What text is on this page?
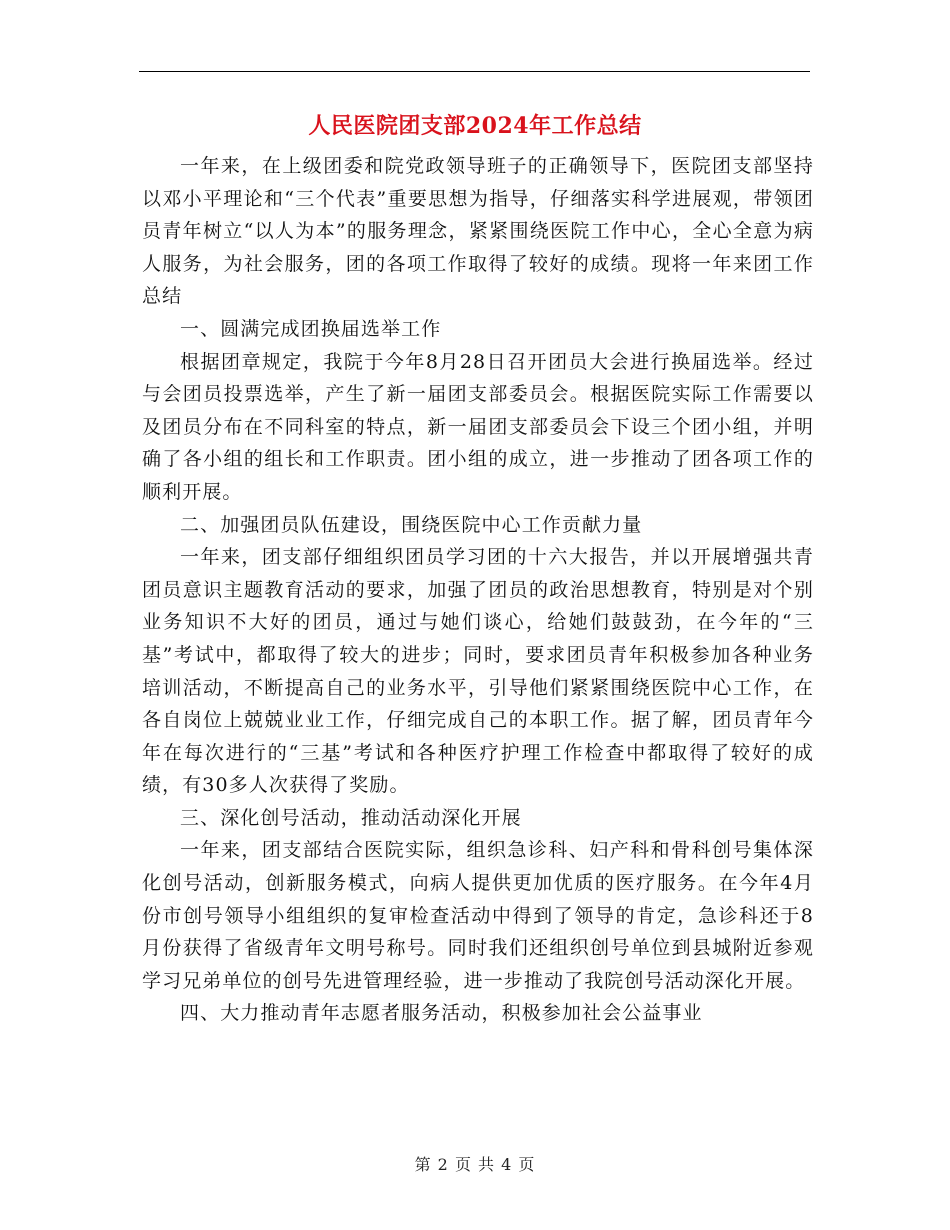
人民医院团支部2024年工作总结

一年来，在上级团委和院党政领导班子的正确领导下，医院团支部坚持以邓小平理论和“三个代表”重要思想为指导，仔细落实科学进展观，带领团员青年树立“以人为本”的服务理念，紧紧围绕医院工作中心，全心全意为病人服务，为社会服务，团的各项工作取得了较好的成绩。现将一年来团工作总结

一、圆满完成团换届选举工作

根据团章规定，我院于今年8月28日召开团员大会进行换届选举。经过与会团员投票选举，产生了新一届团支部委员会。根据医院实际工作需要以及团员分布在不同科室的特点，新一届团支部委员会下设三个团小组，并明确了各小组的组长和工作职责。团小组的成立，进一步推动了团各项工作的顺利开展。

二、加强团员队伍建设，围绕医院中心工作贡献力量

一年来，团支部仔细组织团员学习团的十六大报告，并以开展增强共青团员意识主题教育活动的要求，加强了团员的政治思想教育，特别是对个别业务知识不大好的团员，通过与她们谈心，给她们鼓鼓劲，在今年的“三基”考试中，都取得了较大的进步；同时，要求团员青年积极参加各种业务培训活动，不断提高自己的业务水平，引导他们紧紧围绕医院中心工作，在各自岗位上兢兢业业工作，仔细完成自己的本职工作。据了解，团员青年今年在每次进行的“三基”考试和各种医疗护理工作检查中都取得了较好的成绩，有30多人次获得了奖励。

三、深化创号活动，推动活动深化开展

一年来，团支部结合医院实际，组织急诊科、妇产科和骨科创号集体深化创号活动，创新服务模式，向病人提供更加优质的医疗服务。在今年4月份市创号领导小组组织的复审检查活动中得到了领导的肯定，急诊科还于8月份获得了省级青年文明号称号。同时我们还组织创号单位到县城附近参观学习兄弟单位的创号先进管理经验，进一步推动了我院创号活动深化开展。

四、大力推动青年志愿者服务活动，积极参加社会公益事业

第 2 页 共 4 页
